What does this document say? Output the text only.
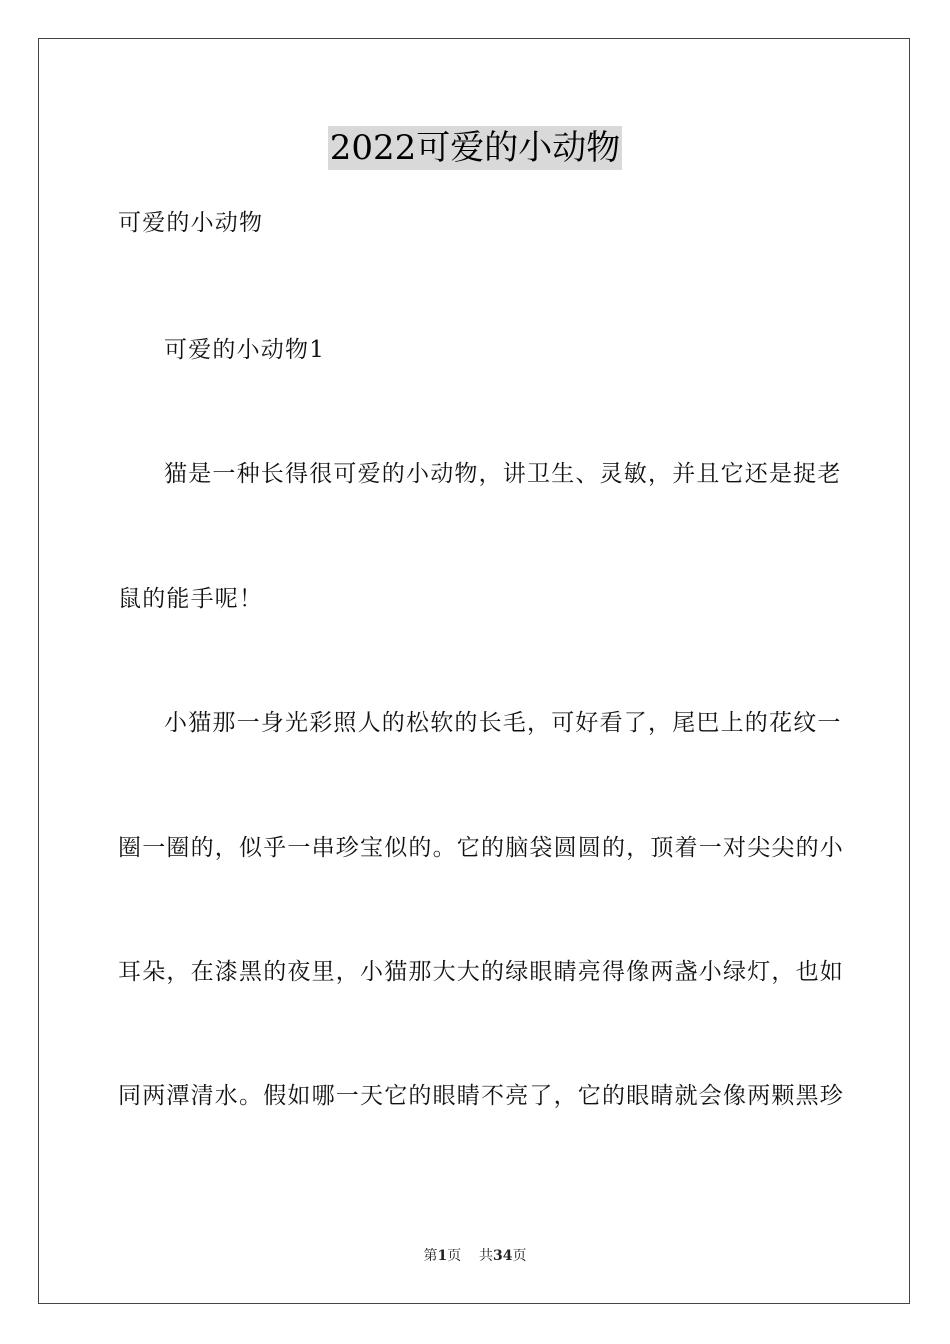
2022可爱的小动物
可爱的小动物
可爱的小动物1
猫是一种长得很可爱的小动物，讲卫生、灵敏，并且它还是捉老
鼠的能手呢！
小猫那一身光彩照人的松软的长毛，可好看了，尾巴上的花纹一
圈一圈的，似乎一串珍宝似的。它的脑袋圆圆的，顶着一对尖尖的小
耳朵，在漆黑的夜里，小猫那大大的绿眼睛亮得像两盏小绿灯，也如
同两潭清水。假如哪一天它的眼睛不亮了，它的眼睛就会像两颗黑珍
第1页 共34页
